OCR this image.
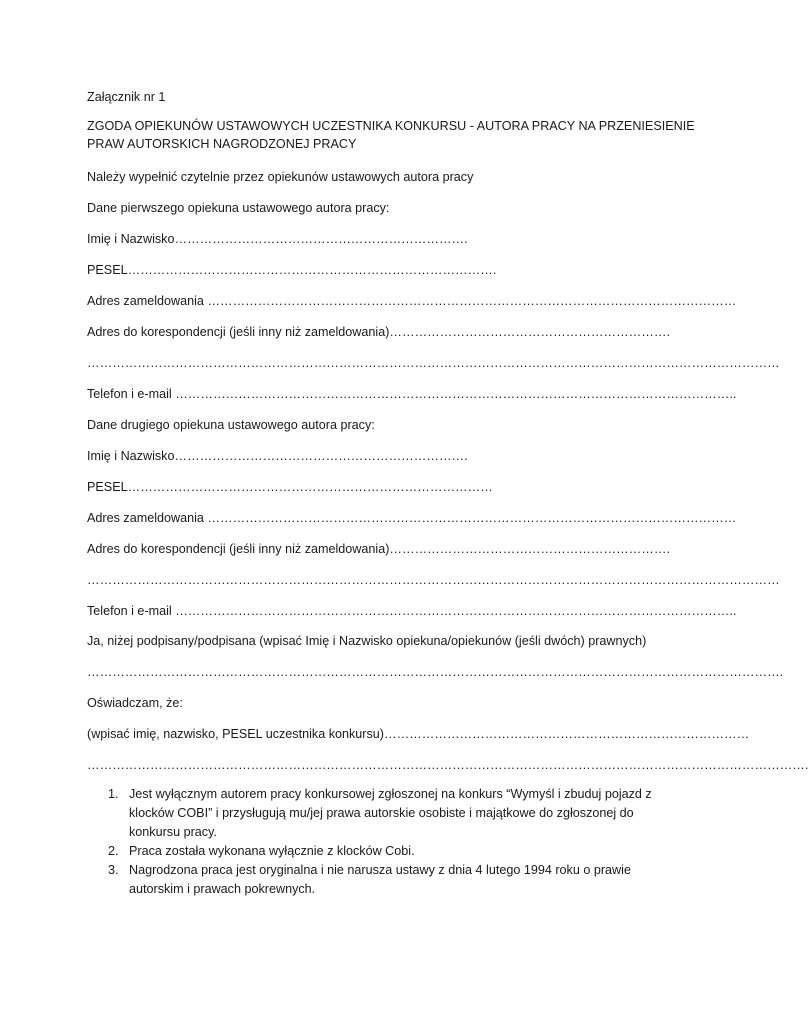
Załącznik nr 1
ZGODA OPIEKUNÓW USTAWOWYCH UCZESTNIKA KONKURSU - AUTORA PRACY NA PRZENIESIENIE
PRAW AUTORSKICH NAGRODZONEJ PRACY
Należy wypełnić czytelnie przez opiekunów ustawowych autora pracy
Dane pierwszego opiekuna ustawowego autora pracy:
Imię i Nazwisko…………………………………………………………….
PESEL…………………………………………………………………………….
Adres zameldowania ………………………………………………………………………………………………………………
Adres do korespondencji (jeśli inny niż zameldowania)………………………………………………………….
…………………………………………………………………………………………………………………………………………………
Telefon i e-mail ……………………………………………………………………………………………………………………..
Dane drugiego opiekuna ustawowego autora pracy:
Imię i Nazwisko…………………………………………………………….
PESEL……………………………………………………………………………
Adres zameldowania ………………………………………………………………………………………………………………
Adres do korespondencji (jeśli inny niż zameldowania)………………………………………………………….
…………………………………………………………………………………………………………………………………………………
Telefon i e-mail ……………………………………………………………………………………………………………………..
Ja, niżej podpisany/podpisana (wpisać Imię i Nazwisko opiekuna/opiekunów (jeśli dwóch) prawnych)
………………………………………………………………………………………………………………………………………………….
Oświadczam, że:
(wpisać imię, nazwisko, PESEL uczestnika konkursu)……………………………………………………………………………
……………………………………………………………………………………………………………………………………………………….
1. Jest wyłącznym autorem pracy konkursowej zgłoszonej na konkurs “Wymyśl i zbuduj pojazd z
klocków COBI” i przysługują mu/jej prawa autorskie osobiste i majątkowe do zgłoszonej do
konkursu pracy.
2. Praca została wykonana wyłącznie z klocków Cobi.
3. Nagrodzona praca jest oryginalna i nie narusza ustawy z dnia 4 lutego 1994 roku o prawie
autorskim i prawach pokrewnych.
